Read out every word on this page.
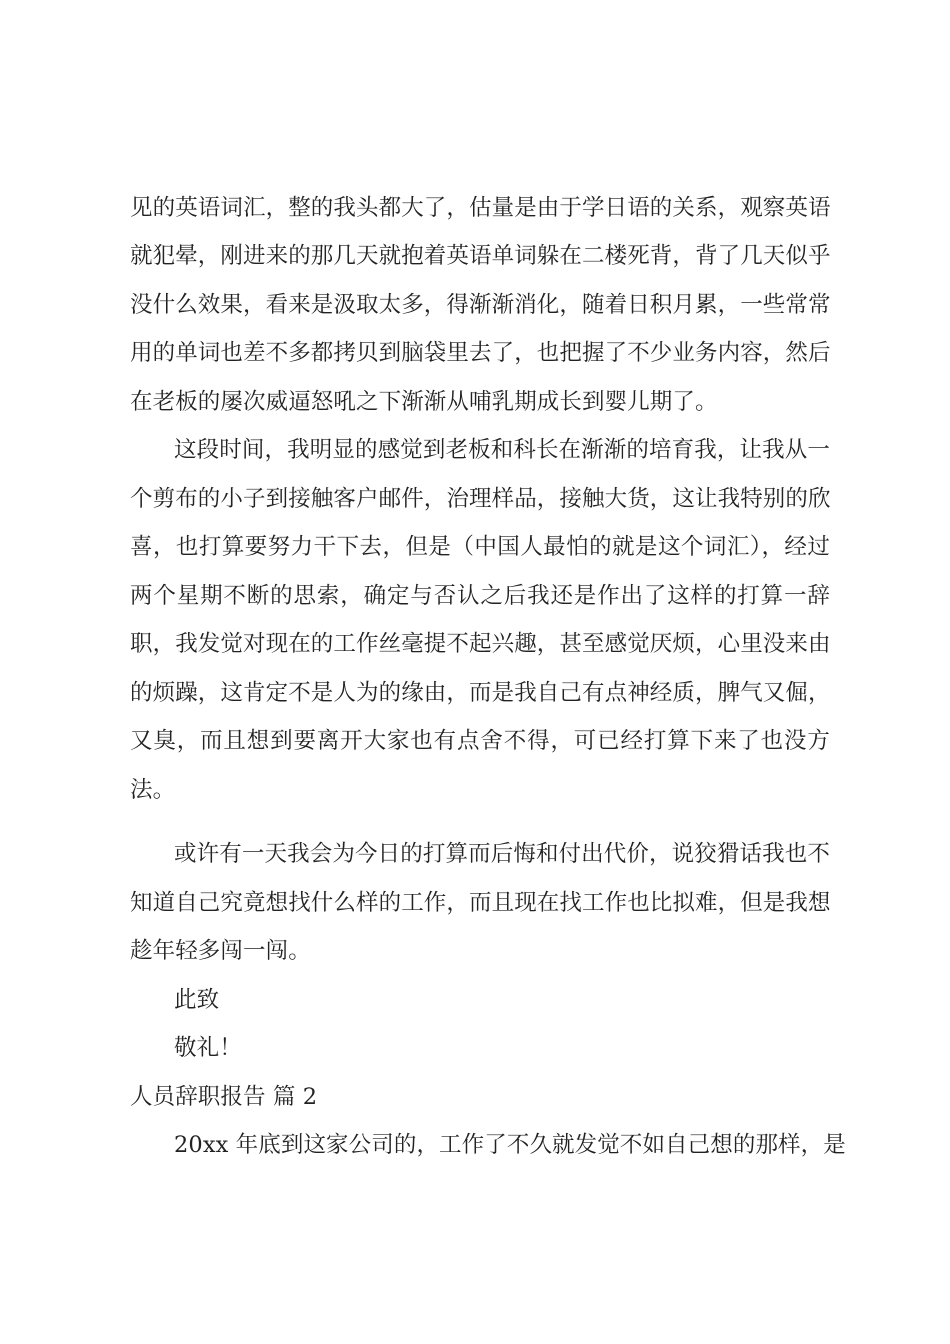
见的英语词汇，整的我头都大了，估量是由于学日语的关系，观察英语
就犯晕，刚进来的那几天就抱着英语单词躲在二楼死背，背了几天似乎
没什么效果，看来是汲取太多，得渐渐消化，随着日积月累，一些常常
用的单词也差不多都拷贝到脑袋里去了，也把握了不少业务内容，然后
在老板的屡次威逼怒吼之下渐渐从哺乳期成长到婴儿期了。
这段时间，我明显的感觉到老板和科长在渐渐的培育我，让我从一
个剪布的小子到接触客户邮件，治理样品，接触大货，这让我特别的欣
喜，也打算要努力干下去，但是（中国人最怕的就是这个词汇），经过
两个星期不断的思索，确定与否认之后我还是作出了这样的打算一辞
职，我发觉对现在的工作丝毫提不起兴趣，甚至感觉厌烦，心里没来由
的烦躁，这肯定不是人为的缘由，而是我自己有点神经质，脾气又倔，
又臭，而且想到要离开大家也有点舍不得，可已经打算下来了也没方
法。
或许有一天我会为今日的打算而后悔和付出代价，说狡猾话我也不
知道自己究竟想找什么样的工作，而且现在找工作也比拟难，但是我想
趁年轻多闯一闯。
此致
敬礼！
人员辞职报告 篇 2
20xx 年底到这家公司的，工作了不久就发觉不如自己想的那样，是
